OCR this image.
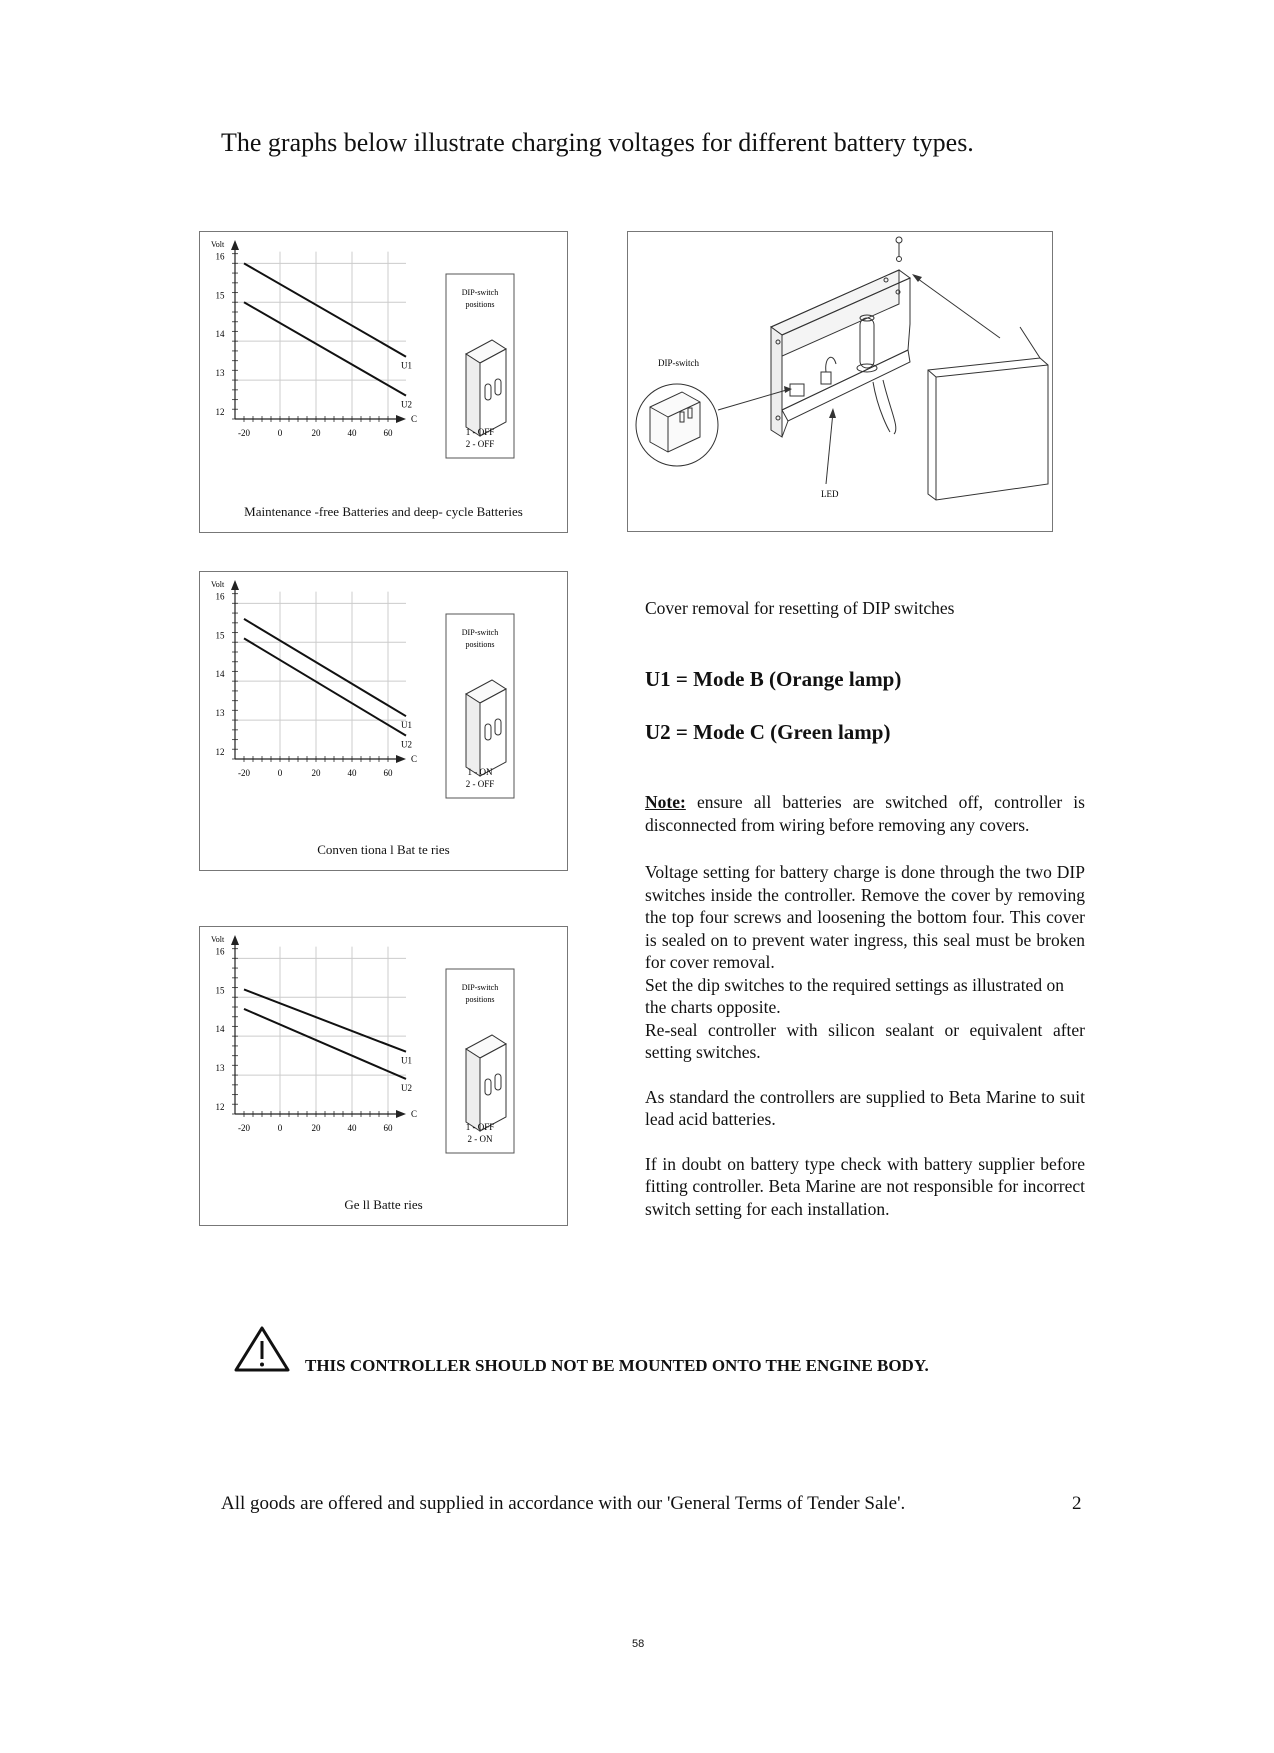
The graphs below illustrate charging voltages for different battery types.
-20	0	20	40	60
12
13
14
15
16
Volt
C
U1
U2
DIP-switch
positions
1 - OFF
2 - OFF
Maintenance -free Batteries and deep- cycle Batteries
-20	0	20	40	60
12
13
14
15
16
Volt
C
U1
U2
DIP-switch
positions
1 - ON
2 - OFF
Conven tiona l Bat te ries
-20	0	20	40	60
12
13
14
15
16
Volt
C
U1
U2
DIP-switch
positions
1 - OFF
2 - ON
Ge ll Batte ries
DIP-switch
LED
Cover removal for resetting of DIP switches
U1 = Mode B (Orange lamp)
U2 = Mode C (Green lamp)
Note: ensure all batteries are switched off, controller is disconnected from wiring before removing any covers.
Voltage setting for battery charge is done through the two DIP switches inside the controller. Remove the cover by removing the top four screws and loosening the bottom four. This cover is sealed on to prevent water ingress, this seal must be broken for cover removal.
Set the dip switches to the required settings as illustrated on the charts opposite.
Re-seal controller with silicon sealant or equivalent after setting switches.
As standard the controllers are supplied to Beta Marine to suit lead acid batteries.
If in doubt on battery type check with battery supplier before fitting controller. Beta Marine are not responsible for incorrect switch setting for each installation.
THIS CONTROLLER SHOULD NOT BE MOUNTED ONTO THE ENGINE BODY.
All goods are offered and supplied in accordance with our 'General Terms of Tender Sale'.	2
58
